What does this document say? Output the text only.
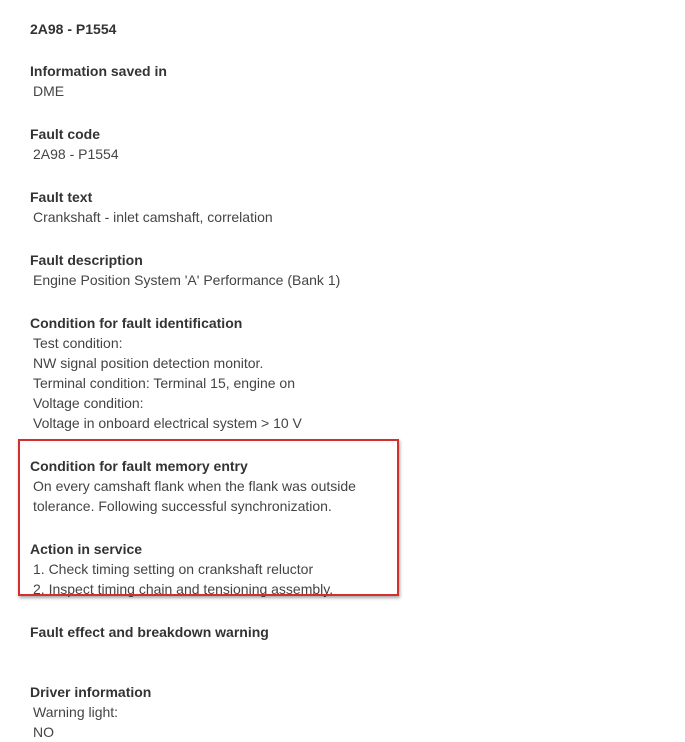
2A98 - P1554
Information saved in
DME
Fault code
2A98 - P1554
Fault text
Crankshaft - inlet camshaft, correlation
Fault description
Engine Position System 'A' Performance (Bank 1)
Condition for fault identification
Test condition:
NW signal position detection monitor.
Terminal condition: Terminal 15, engine on
Voltage condition:
Voltage in onboard electrical system > 10 V
Condition for fault memory entry
On every camshaft flank when the flank was outside
tolerance. Following successful synchronization.
Action in service
1. Check timing setting on crankshaft reluctor
2. Inspect timing chain and tensioning assembly.
Fault effect and breakdown warning
Driver information
Warning light:
NO
